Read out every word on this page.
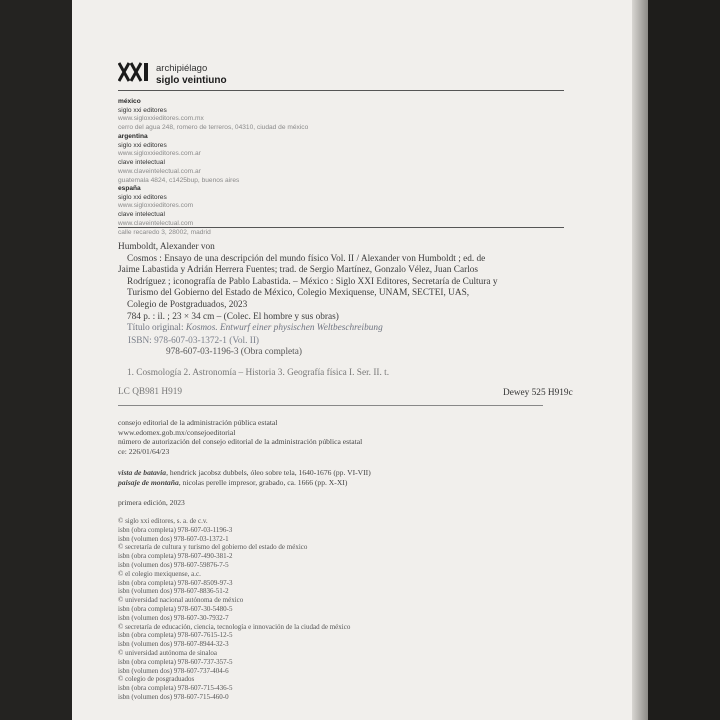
archipiélago
siglo veintiuno
méxico
siglo xxi editores
www.sigloxxieditores.com.mx
cerro del agua 248, romero de terreros, 04310, ciudad de méxico
argentina
siglo xxi editores
www.sigloxxieditores.com.ar
clave intelectual
www.claveintelectual.com.ar
guatemala 4824, c1425bup, buenos aires
españa
siglo xxi editores
www.sigloxxieditores.com
clave intelectual
www.claveintelectual.com
calle recaredo 3, 28002, madrid
Humboldt, Alexander von
Cosmos : Ensayo de una descripción del mundo físico Vol. II / Alexander von Humboldt ; ed. de
Jaime Labastida y Adrián Herrera Fuentes; trad. de Sergio Martínez, Gonzalo Vélez, Juan Carlos
Rodríguez ; iconografía de Pablo Labastida. – México : Siglo XXI Editores, Secretaría de Cultura y
Turismo del Gobierno del Estado de México, Colegio Mexiquense, UNAM, SECTEI, UAS,
Colegio de Postgraduados, 2023
784 p. : il. ; 23 × 34 cm – (Colec. El hombre y sus obras)
Título original: Kosmos. Entwurf einer physischen Weltbeschreibung
ISBN: 978-607-03-1372-1 (Vol. II)
978-607-03-1196-3 (Obra completa)
1. Cosmología 2. Astronomía – Historia 3. Geografía física I. Ser. II. t.
LC QB981 H919	Dewey 525 H919c
consejo editorial de la administración pública estatal
www.edomex.gob.mx/consejoeditorial
número de autorización del consejo editorial de la administración pública estatal
ce: 226/01/64/23
vista de batavia, hendrick jacobsz dubbels, óleo sobre tela, 1640-1676 (pp. VI-VII)
paisaje de montaña, nicolas perelle impresor, grabado, ca. 1666 (pp. X-XI)
primera edición, 2023
© siglo xxi editores, s. a. de c.v.
isbn (obra completa) 978-607-03-1196-3
isbn (volumen dos) 978-607-03-1372-1
© secretaría de cultura y turismo del gobierno del estado de méxico
isbn (obra completa) 978-607-490-381-2
isbn (volumen dos) 978-607-59876-7-5
© el colegio mexiquense, a.c.
isbn (obra completa) 978-607-8509-97-3
isbn (volumen dos) 978-607-8836-51-2
© universidad nacional autónoma de méxico
isbn (obra completa) 978-607-30-5480-5
isbn (volumen dos) 978-607-30-7932-7
© secretaría de educación, ciencia, tecnología e innovación de la ciudad de méxico
isbn (obra completa) 978-607-7615-12-5
isbn (volumen dos) 978-607-8944-32-3
© universidad autónoma de sinaloa
isbn (obra completa) 978-607-737-357-5
isbn (volumen dos) 978-607-737-404-6
© colegio de posgraduados
isbn (obra completa) 978-607-715-436-5
isbn (volumen dos) 978-607-715-460-0
